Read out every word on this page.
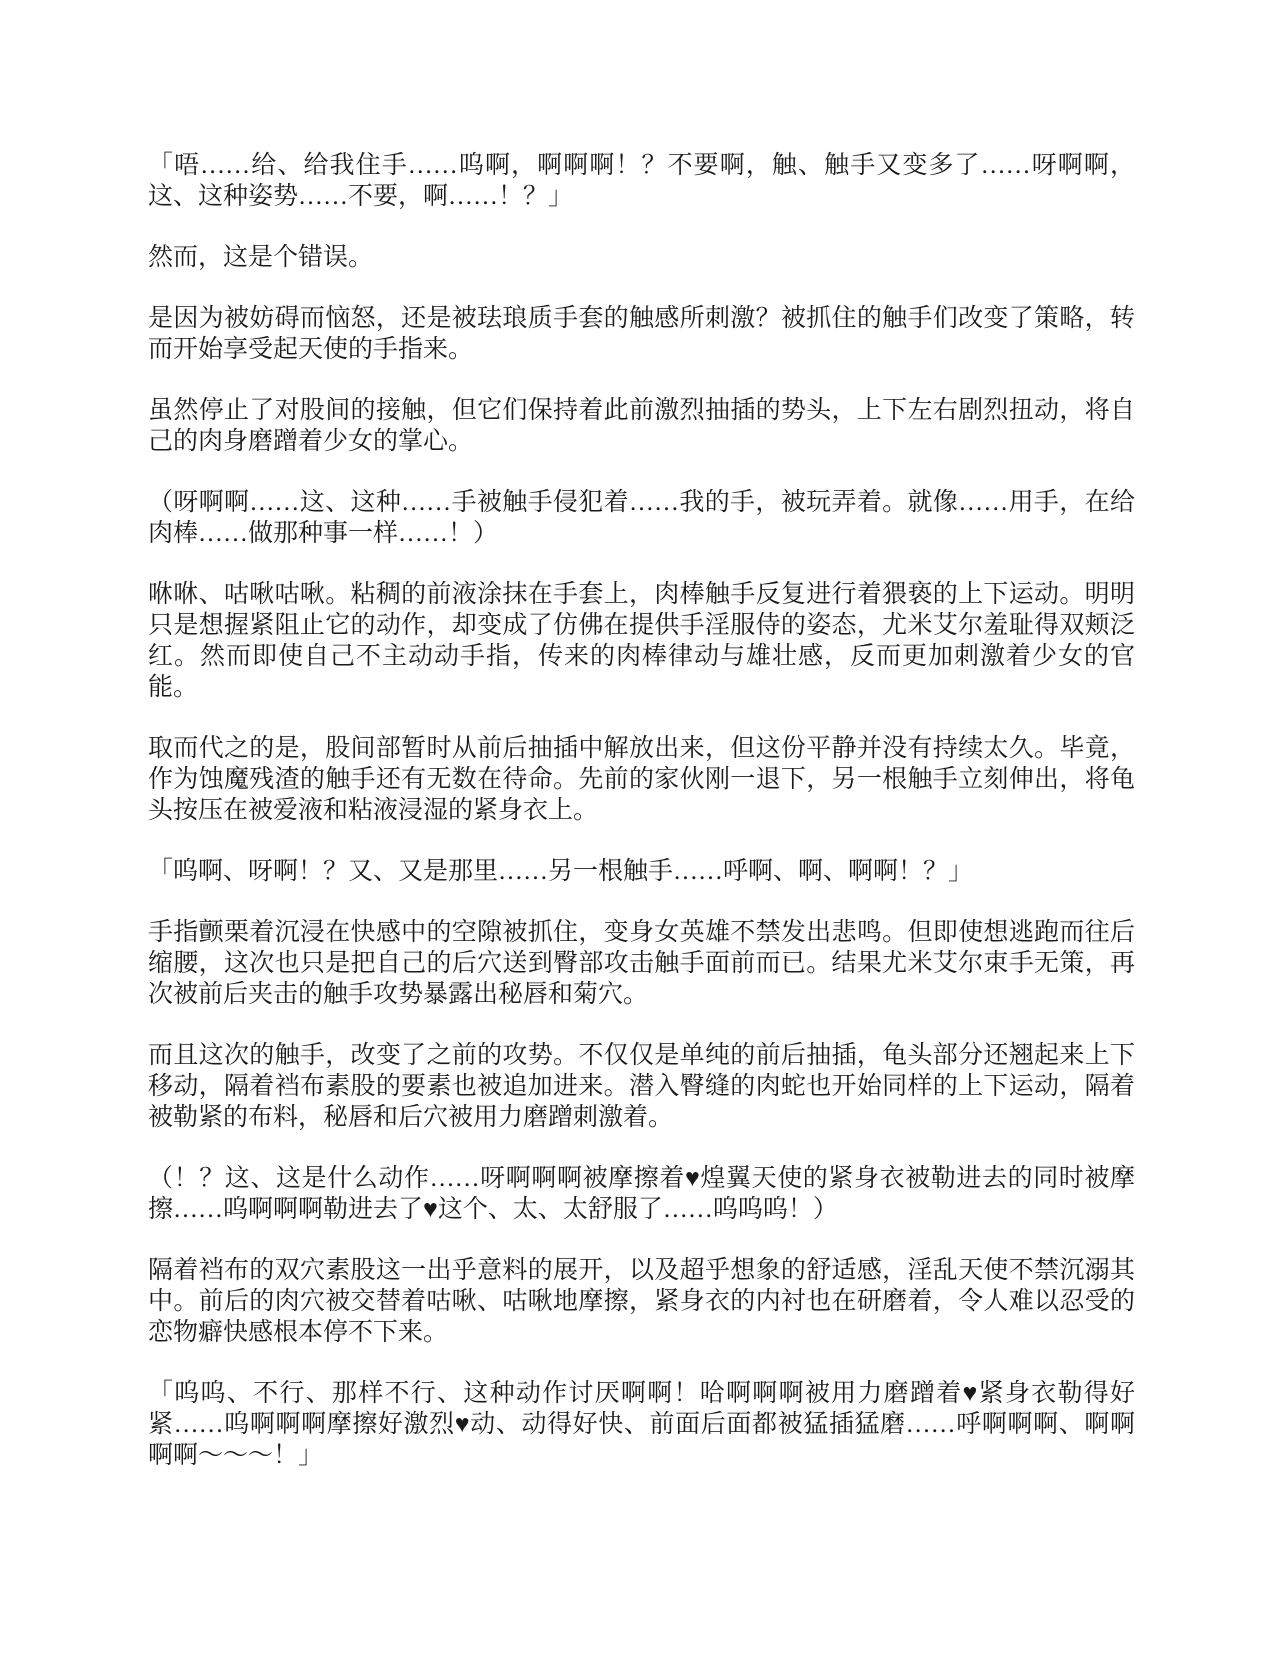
「唔……给、给我住手……呜啊，啊啊啊！？不要啊，触、触手又变多了……呀啊啊，这、这种姿势……不要，啊……！？」

然而，这是个错误。

是因为被妨碍而恼怒，还是被珐琅质手套的触感所刺激？被抓住的触手们改变了策略，转而开始享受起天使的手指来。

虽然停止了对股间的接触，但它们保持着此前激烈抽插的势头，上下左右剧烈扭动，将自己的肉身磨蹭着少女的掌心。

（呀啊啊……这、这种……手被触手侵犯着……我的手，被玩弄着。就像……用手，在给肉棒……做那种事一样……！）

咻咻、咕啾咕啾。粘稠的前液涂抹在手套上，肉棒触手反复进行着猥亵的上下运动。明明只是想握紧阻止它的动作，却变成了仿佛在提供手淫服侍的姿态，尤米艾尔羞耻得双颊泛红。然而即使自己不主动动手指，传来的肉棒律动与雄壮感，反而更加刺激着少女的官能。

取而代之的是，股间部暂时从前后抽插中解放出来，但这份平静并没有持续太久。毕竟，作为蚀魔残渣的触手还有无数在待命。先前的家伙刚一退下，另一根触手立刻伸出，将龟头按压在被爱液和粘液浸湿的紧身衣上。

「呜啊、呀啊！？又、又是那里……另一根触手……呼啊、啊、啊啊！？」

手指颤栗着沉浸在快感中的空隙被抓住，变身女英雄不禁发出悲鸣。但即使想逃跑而往后缩腰，这次也只是把自己的后穴送到臀部攻击触手面前而已。结果尤米艾尔束手无策，再次被前后夹击的触手攻势暴露出秘唇和菊穴。

而且这次的触手，改变了之前的攻势。不仅仅是单纯的前后抽插，龟头部分还翘起来上下移动，隔着裆布素股的要素也被追加进来。潜入臀缝的肉蛇也开始同样的上下运动，隔着被勒紧的布料，秘唇和后穴被用力磨蹭刺激着。

（！？这、这是什么动作……呀啊啊啊被摩擦着♥煌翼天使的紧身衣被勒进去的同时被摩擦……呜啊啊啊勒进去了♥这个、太、太舒服了……呜呜呜！）

隔着裆布的双穴素股这一出乎意料的展开，以及超乎想象的舒适感，淫乱天使不禁沉溺其中。前后的肉穴被交替着咕啾、咕啾地摩擦，紧身衣的内衬也在研磨着，令人难以忍受的恋物癖快感根本停不下来。

「呜呜、不行、那样不行、这种动作讨厌啊啊！哈啊啊啊被用力磨蹭着♥紧身衣勒得好紧……呜啊啊啊摩擦好激烈♥动、动得好快、前面后面都被猛插猛磨……呼啊啊啊、啊啊啊啊～～～！」
